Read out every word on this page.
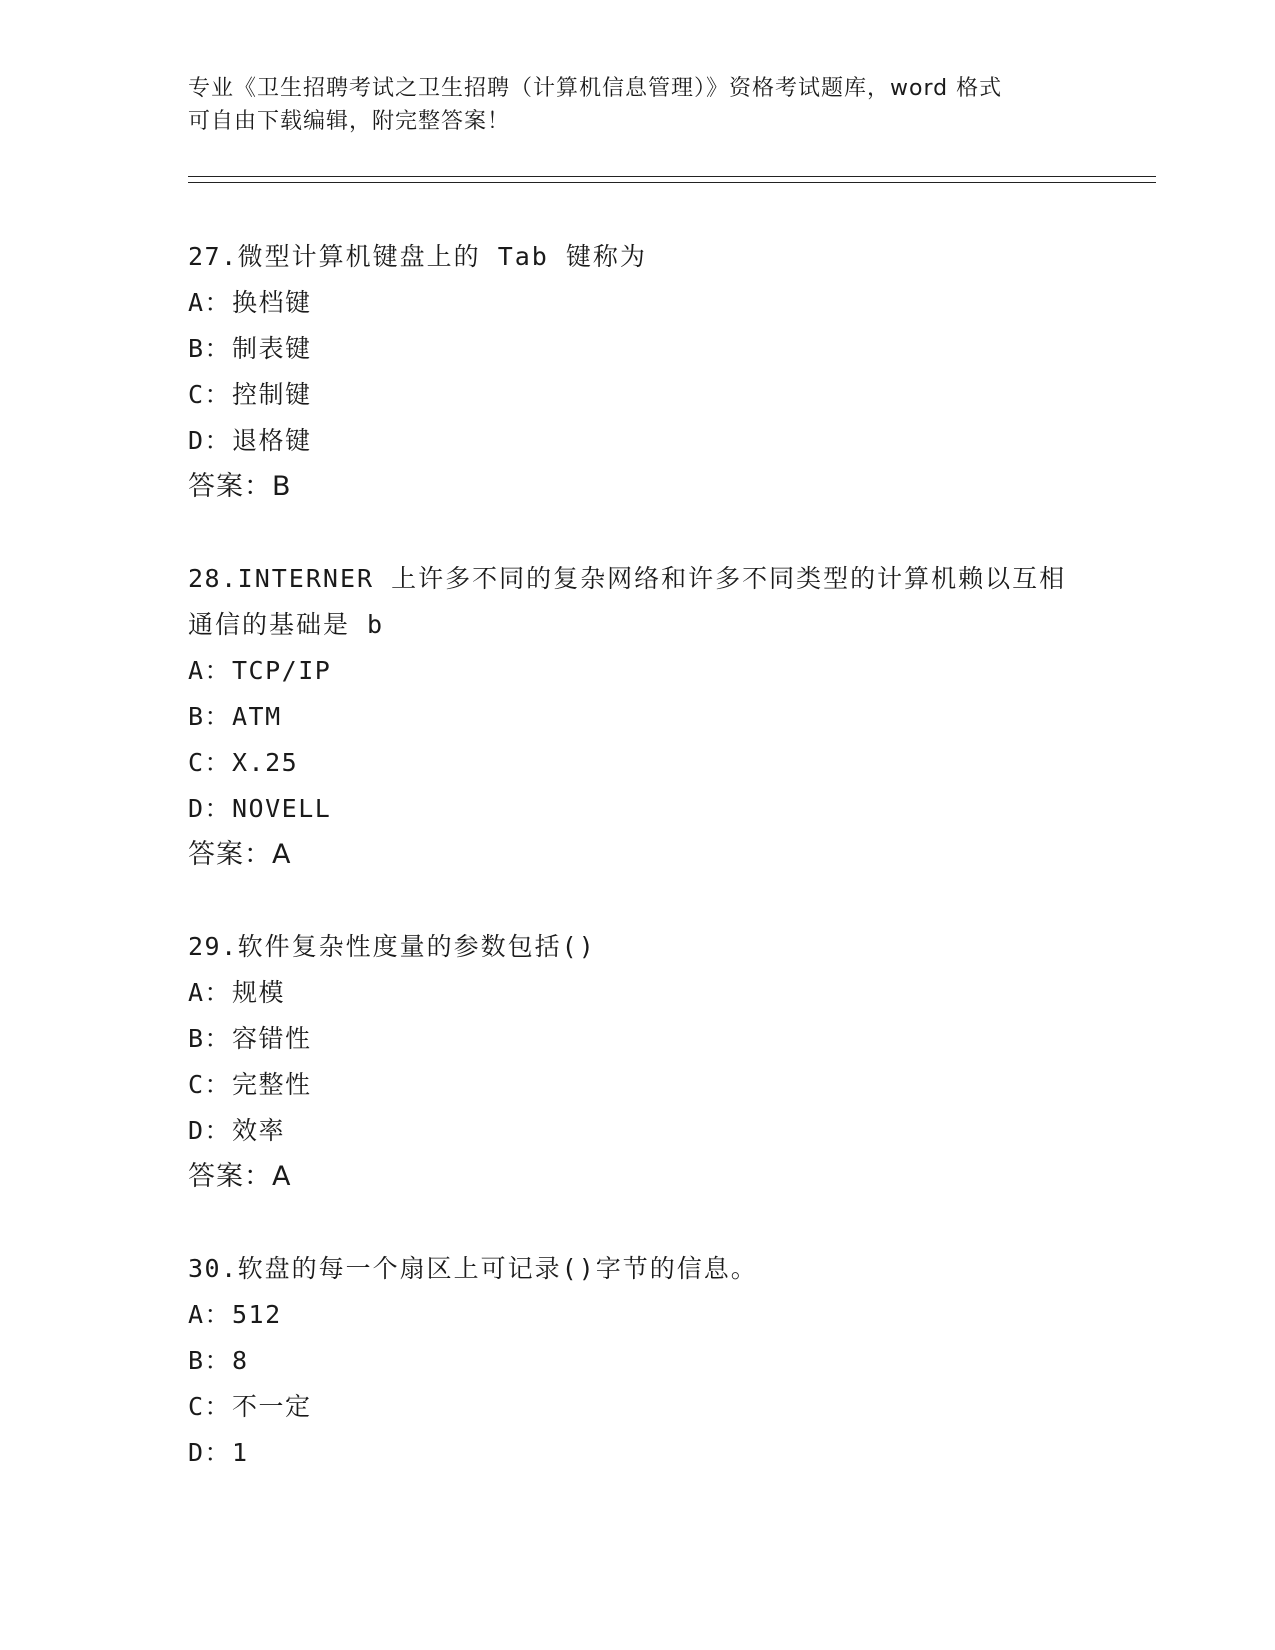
专业《卫生招聘考试之卫生招聘（计算机信息管理）》资格考试题库，word 格式
可自由下载编辑，附完整答案！
27.微型计算机键盘上的 Tab 键称为
A：换档键
B：制表键
C：控制键
D：退格键
答案：B
28.INTERNER 上许多不同的复杂网络和许多不同类型的计算机赖以互相
通信的基础是 b
A：TCP/IP
B：ATM
C：X.25
D：NOVELL
答案：A
29.软件复杂性度量的参数包括()
A：规模
B：容错性
C：完整性
D：效率
答案：A
30.软盘的每一个扇区上可记录()字节的信息。
A：512
B：8
C：不一定
D：1
